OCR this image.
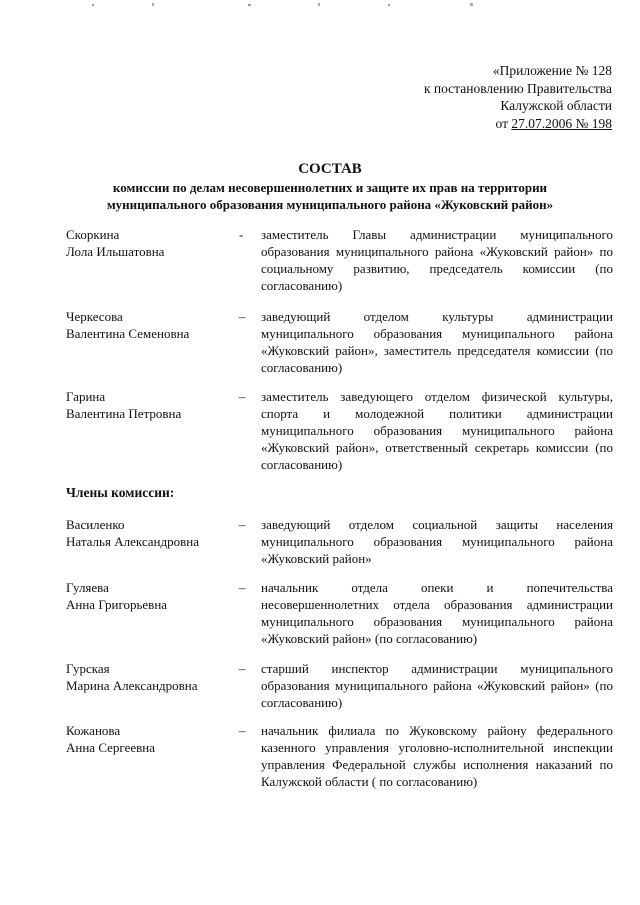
«Приложение № 128
к постановлению Правительства
Калужской области
от 27.07.2006 № 198
СОСТАВ
комиссии по делам несовершеннолетних и защите их прав на территории
муниципального образования муниципального района «Жуковский район»
Скоркина
Лола Ильшатовна
- заместитель Главы администрации муниципального образования муниципального района «Жуковский район» по социальному развитию, председатель комиссии (по согласованию)
Черкесова
Валентина Семеновна
– заведующий отделом культуры администрации муниципального образования муниципального района «Жуковский район», заместитель председателя комиссии (по согласованию)
Гарина
Валентина Петровна
– заместитель заведующего отделом физической культуры, спорта и молодежной политики администрации муниципального образования муниципального района «Жуковский район», ответственный секретарь комиссии (по согласованию)
Члены комиссии:
Василенко
Наталья Александровна
– заведующий отделом социальной защиты населения муниципального образования муниципального района «Жуковский район»
Гуляева
Анна Григорьевна
– начальник отдела опеки и попечительства несовершеннолетних отдела образования администрации муниципального образования муниципального района «Жуковский район» (по согласованию)
Гурская
Марина Александровна
– старший инспектор администрации муниципального образования муниципального района «Жуковский район» (по согласованию)
Кожанова
Анна Сергеевна
– начальник филиала по Жуковскому району федерального казенного управления уголовно-исполнительной инспекции управления Федеральной службы исполнения наказаний по Калужской области ( по согласованию)
